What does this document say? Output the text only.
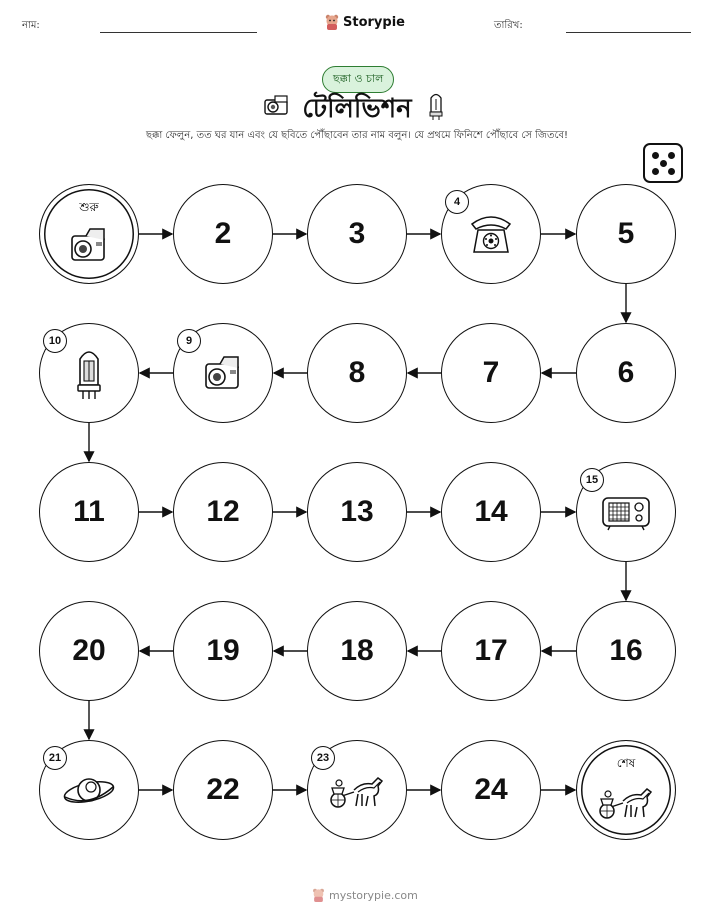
নাম:	Storypie	তারিখ:
ছক্কা ও চাল
টেলিভিশন
ছক্কা ফেলুন, তত ঘর যান এবং যে ছবিতে পৌঁছাবেন তার নাম বলুন। যে প্রথমে ফিনিশে পৌঁছাবে সে জিতবে!
শুরু
2	3
4
5
6
7
8
9
10
11	12	13	14
15
16
17
18
19
20
21
22
23
24
শেষ
mystorypie.com
